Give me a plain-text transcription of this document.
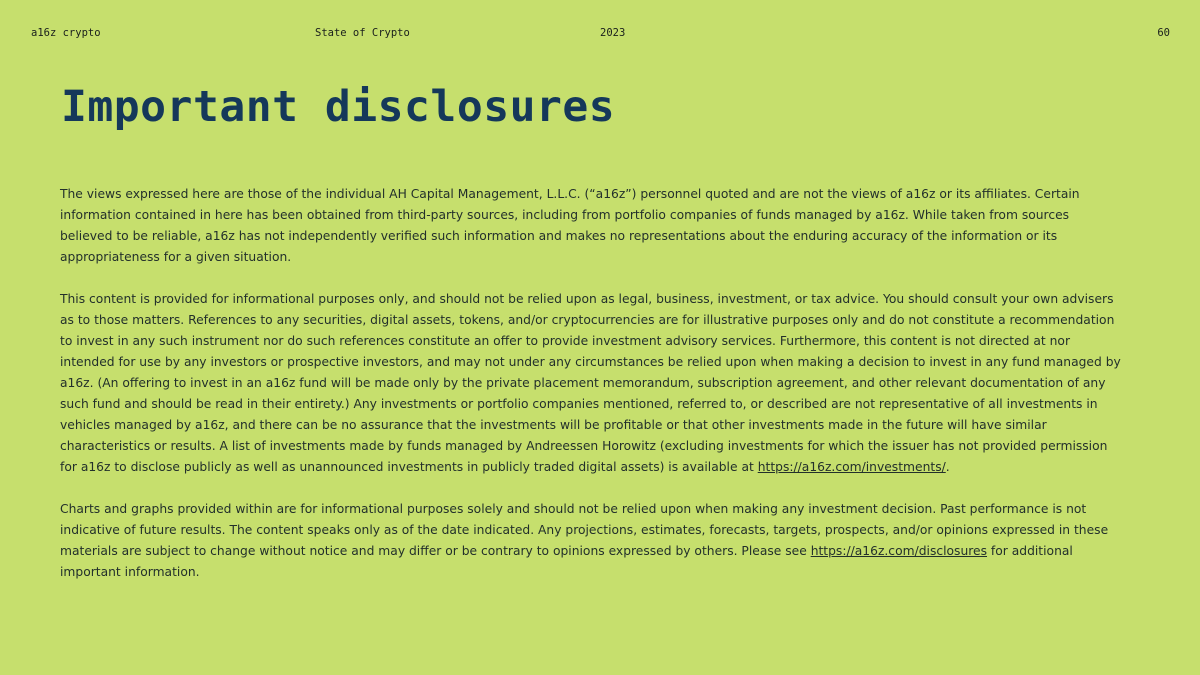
a16z crypto	State of Crypto	2023	60
Important disclosures

The views expressed here are those of the individual AH Capital Management, L.L.C. (“a16z”) personnel quoted and are not the views of a16z or its affiliates. Certain information contained in here has been obtained from third-party sources, including from portfolio companies of funds managed by a16z. While taken from sources believed to be reliable, a16z has not independently verified such information and makes no representations about the enduring accuracy of the information or its appropriateness for a given situation.

This content is provided for informational purposes only, and should not be relied upon as legal, business, investment, or tax advice. You should consult your own advisers as to those matters. References to any securities, digital assets, tokens, and/or cryptocurrencies are for illustrative purposes only and do not constitute a recommendation to invest in any such instrument nor do such references constitute an offer to provide investment advisory services. Furthermore, this content is not directed at nor intended for use by any investors or prospective investors, and may not under any circumstances be relied upon when making a decision to invest in any fund managed by a16z. (An offering to invest in an a16z fund will be made only by the private placement memorandum, subscription agreement, and other relevant documentation of any such fund and should be read in their entirety.) Any investments or portfolio companies mentioned, referred to, or described are not representative of all investments in vehicles managed by a16z, and there can be no assurance that the investments will be profitable or that other investments made in the future will have similar characteristics or results. A list of investments made by funds managed by Andreessen Horowitz (excluding investments for which the issuer has not provided permission for a16z to disclose publicly as well as unannounced investments in publicly traded digital assets) is available at https://a16z.com/investments/.

Charts and graphs provided within are for informational purposes solely and should not be relied upon when making any investment decision. Past performance is not indicative of future results. The content speaks only as of the date indicated. Any projections, estimates, forecasts, targets, prospects, and/or opinions expressed in these materials are subject to change without notice and may differ or be contrary to opinions expressed by others. Please see https://a16z.com/disclosures for additional important information.
